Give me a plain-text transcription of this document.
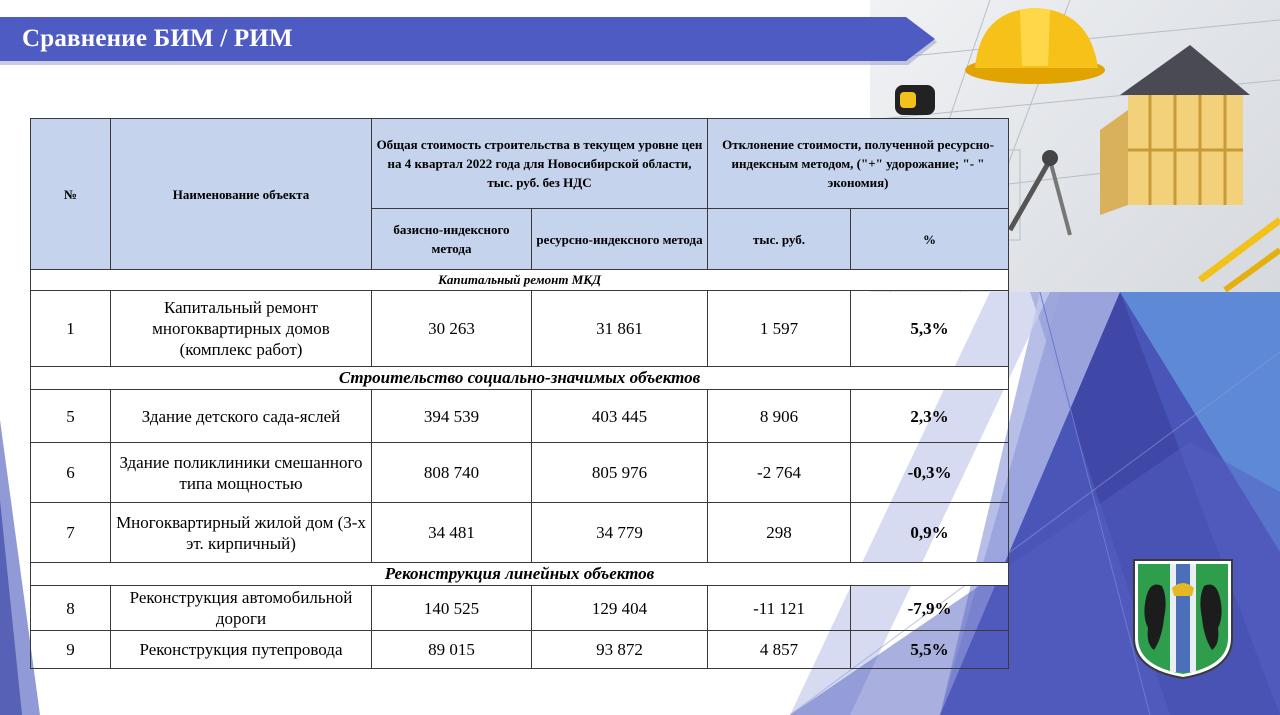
Сравнение БИМ / РИМ
№	Наименование объекта	Общая стоимость строительства в текущем уровне цен на 4 квартал 2022 года для Новосибирской области, тыс. руб. без НДС		Отклонение стоимости, полученной ресурсно-индексным методом, ("+" удорожание; "- " экономия)	
		базисно-индексного метода	ресурсно-индексного метода	тыс. руб.	%
Капитальный ремонт МКД					
1	Капитальный ремонт многоквартирных домов (комплекс работ)	30 263	31 861	1 597	5,3%
Строительство социально-значимых объектов					
5	Здание детского сада-яслей	394 539	403 445	8 906	2,3%
6	Здание поликлиники смешанного типа мощностью	808 740	805 976	-2 764	-0,3%
7	Многоквартирный жилой дом (3-х эт. кирпичный)	34 481	34 779	298	0,9%
Реконструкция линейных объектов					
8	Реконструкция автомобильной дороги	140 525	129 404	-11 121	-7,9%
9	Реконструкция путепровода	89 015	93 872	4 857	5,5%
